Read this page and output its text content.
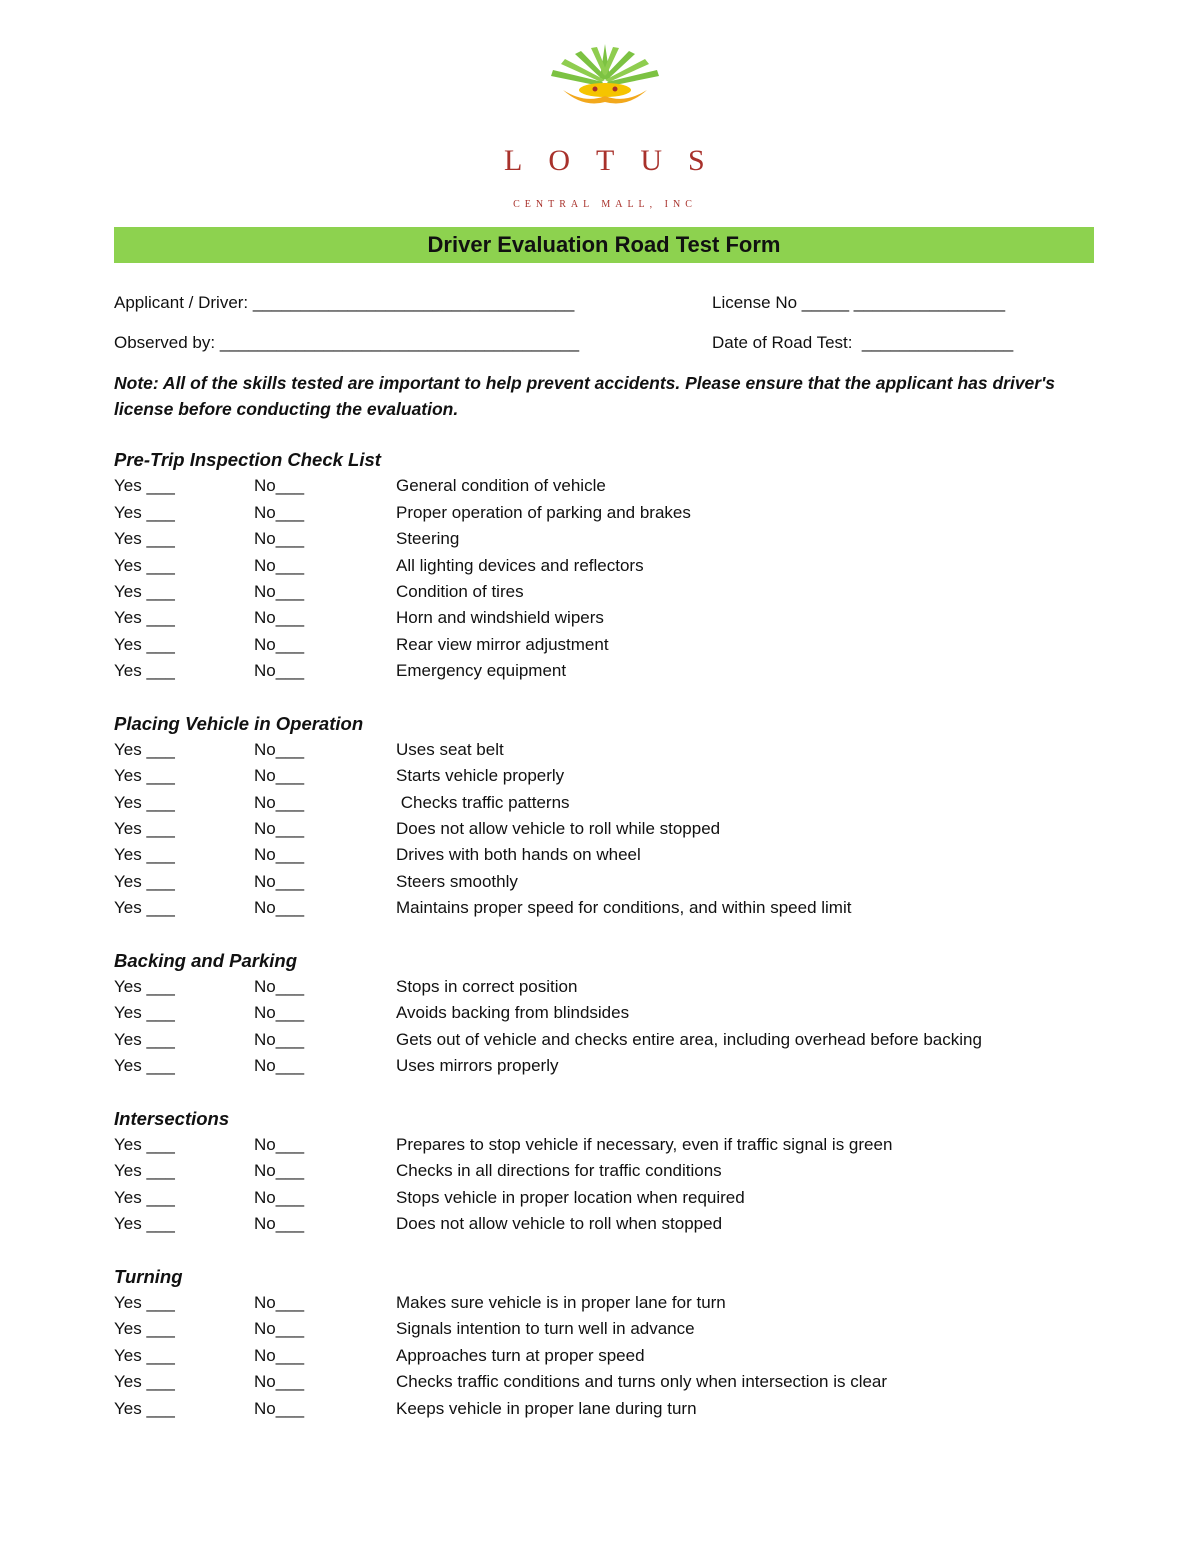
LOTUS
CENTRAL MALL, INC
Driver Evaluation Road Test Form
Applicant / Driver: __________________________________	License No _____ ________________
Observed by: ______________________________________	Date of Road Test:  ________________
Note: All of the skills tested are important to help prevent accidents. Please ensure that the applicant has driver's license before conducting the evaluation.
Pre-Trip Inspection Check List
Yes ___	No___	General condition of vehicle
Yes ___	No___	Proper operation of parking and brakes
Yes ___	No___	Steering
Yes ___	No___	All lighting devices and reflectors
Yes ___	No___	Condition of tires
Yes ___	No___	Horn and windshield wipers
Yes ___	No___	Rear view mirror adjustment
Yes ___	No___	Emergency equipment
Placing Vehicle in Operation
Yes ___	No___	Uses seat belt
Yes ___	No___	Starts vehicle properly
Yes ___	No___	Checks traffic patterns
Yes ___	No___	Does not allow vehicle to roll while stopped
Yes ___	No___	Drives with both hands on wheel
Yes ___	No___	Steers smoothly
Yes ___	No___	Maintains proper speed for conditions, and within speed limit
Backing and Parking
Yes ___	No___	Stops in correct position
Yes ___	No___	Avoids backing from blindsides
Yes ___	No___	Gets out of vehicle and checks entire area, including overhead before backing
Yes ___	No___	Uses mirrors properly
Intersections
Yes ___	No___	Prepares to stop vehicle if necessary, even if traffic signal is green
Yes ___	No___	Checks in all directions for traffic conditions
Yes ___	No___	Stops vehicle in proper location when required
Yes ___	No___	Does not allow vehicle to roll when stopped
Turning
Yes ___	No___	Makes sure vehicle is in proper lane for turn
Yes ___	No___	Signals intention to turn well in advance
Yes ___	No___	Approaches turn at proper speed
Yes ___	No___	Checks traffic conditions and turns only when intersection is clear
Yes ___	No___	Keeps vehicle in proper lane during turn
